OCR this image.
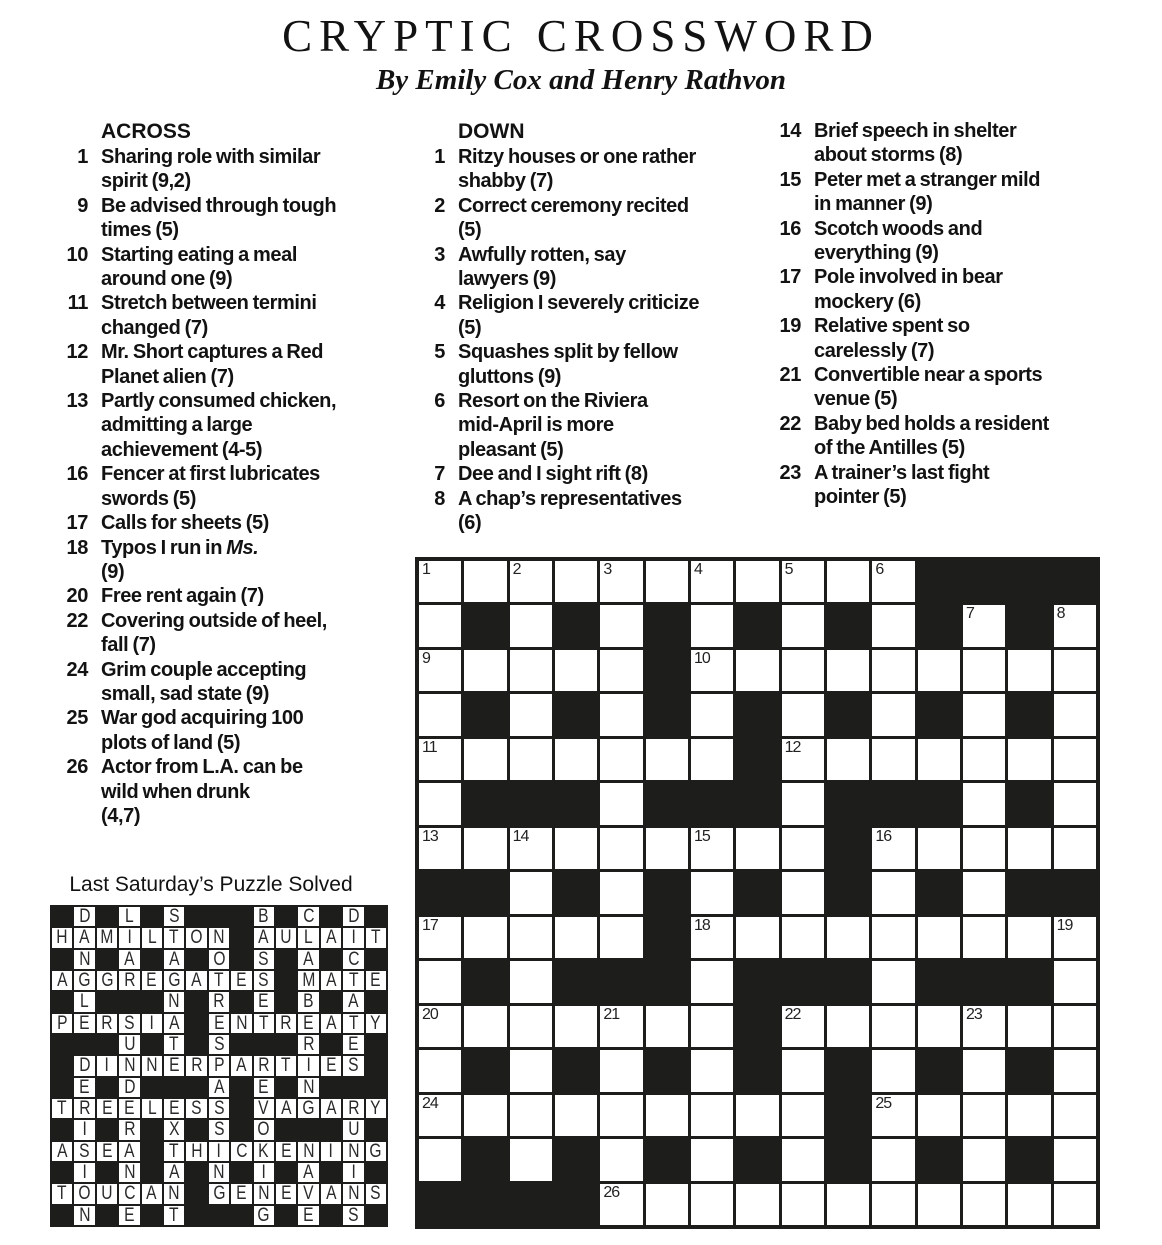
CRYPTIC CROSSWORD
By Emily Cox and Henry Rathvon
ACROSS
1 Sharing role with similar
spirit (9,2)
9 Be advised through tough
times (5)
10 Starting eating a meal
around one (9)
11 Stretch between termini
changed (7)
12 Mr. Short captures a Red
Planet alien (7)
13 Partly consumed chicken,
admitting a large
achievement (4-5)
16 Fencer at first lubricates
swords (5)
17 Calls for sheets (5)
18 Typos I run in Ms.
(9)
20 Free rent again (7)
22 Covering outside of heel,
fall (7)
24 Grim couple accepting
small, sad state (9)
25 War god acquiring 100
plots of land (5)
26 Actor from L.A. can be
wild when drunk
(4,7)
DOWN
1 Ritzy houses or one rather
shabby (7)
2 Correct ceremony recited
(5)
3 Awfully rotten, say
lawyers (9)
4 Religion I severely criticize
(5)
5 Squashes split by fellow
gluttons (9)
6 Resort on the Riviera
mid-April is more
pleasant (5)
7 Dee and I sight rift (8)
8 A chap’s representatives
(6)
14 Brief speech in shelter
about storms (8)
15 Peter met a stranger mild
in manner (9)
16 Scotch woods and
everything (9)
17 Pole involved in bear
mockery (6)
19 Relative spent so
carelessly (7)
21 Convertible near a sports
venue (5)
22 Baby bed holds a resident
of the Antilles (5)
23 A trainer’s last fight
pointer (5)
1	2	3	4	5	6
7	8
9	10
11	12
13	14	15	16
17	18	19
20	21	22	23
24	25
26
Last Saturday’s Puzzle Solved
D L S	B C D
H A M I L T O N A U L A I T
N A A O S A C
A G G R E G A T E S M A T E
L	N R E B A
P E R S I A E N T R E A T Y
U T S	R E
D I N N E R P A R T I E S
E D	A E N
T R E E L E S S V A G A R Y
I R X S O	U
A S E A T H I C K E N I N G
I N A N I A I
T O U C A N G E N E V A N S
N E T	G E S
